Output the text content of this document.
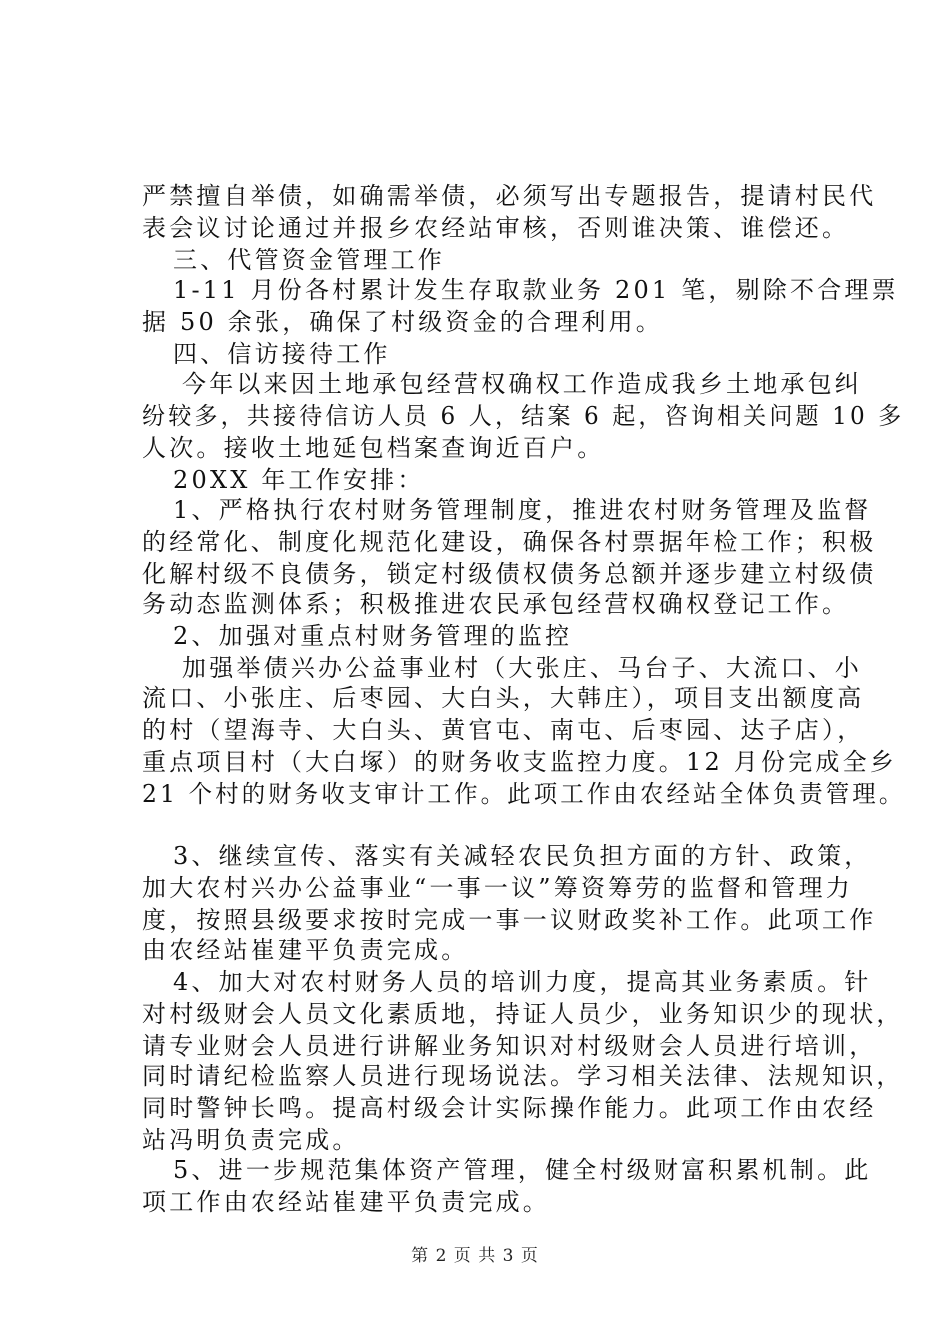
严禁擅自举债，如确需举债，必须写出专题报告，提请村民代
表会议讨论通过并报乡农经站审核，否则谁决策、谁偿还。
三、代管资金管理工作
1-11 月份各村累计发生存取款业务 201 笔，剔除不合理票
据 50 余张，确保了村级资金的合理利用。
四、信访接待工作
今年以来因土地承包经营权确权工作造成我乡土地承包纠
纷较多，共接待信访人员 6 人，结案 6 起，咨询相关问题 10 多
人次。接收土地延包档案查询近百户。
20XX 年工作安排：
1、严格执行农村财务管理制度，推进农村财务管理及监督
的经常化、制度化规范化建设，确保各村票据年检工作；积极
化解村级不良债务，锁定村级债权债务总额并逐步建立村级债
务动态监测体系；积极推进农民承包经营权确权登记工作。
2、加强对重点村财务管理的监控
加强举债兴办公益事业村（大张庄、马台子、大流口、小
流口、小张庄、后枣园、大白头，大韩庄），项目支出额度高
的村（望海寺、大白头、黄官屯、南屯、后枣园、达子店），
重点项目村（大白塚）的财务收支监控力度。12 月份完成全乡
21 个村的财务收支审计工作。此项工作由农经站全体负责管理。
3、继续宣传、落实有关减轻农民负担方面的方针、政策，
加大农村兴办公益事业“一事一议”筹资筹劳的监督和管理力
度，按照县级要求按时完成一事一议财政奖补工作。此项工作
由农经站崔建平负责完成。
4、加大对农村财务人员的培训力度，提高其业务素质。针
对村级财会人员文化素质地，持证人员少，业务知识少的现状，
请专业财会人员进行讲解业务知识对村级财会人员进行培训，
同时请纪检监察人员进行现场说法。学习相关法律、法规知识，
同时警钟长鸣。提高村级会计实际操作能力。此项工作由农经
站冯明负责完成。
5、进一步规范集体资产管理，健全村级财富积累机制。此
项工作由农经站崔建平负责完成。
第 2 页 共 3 页
